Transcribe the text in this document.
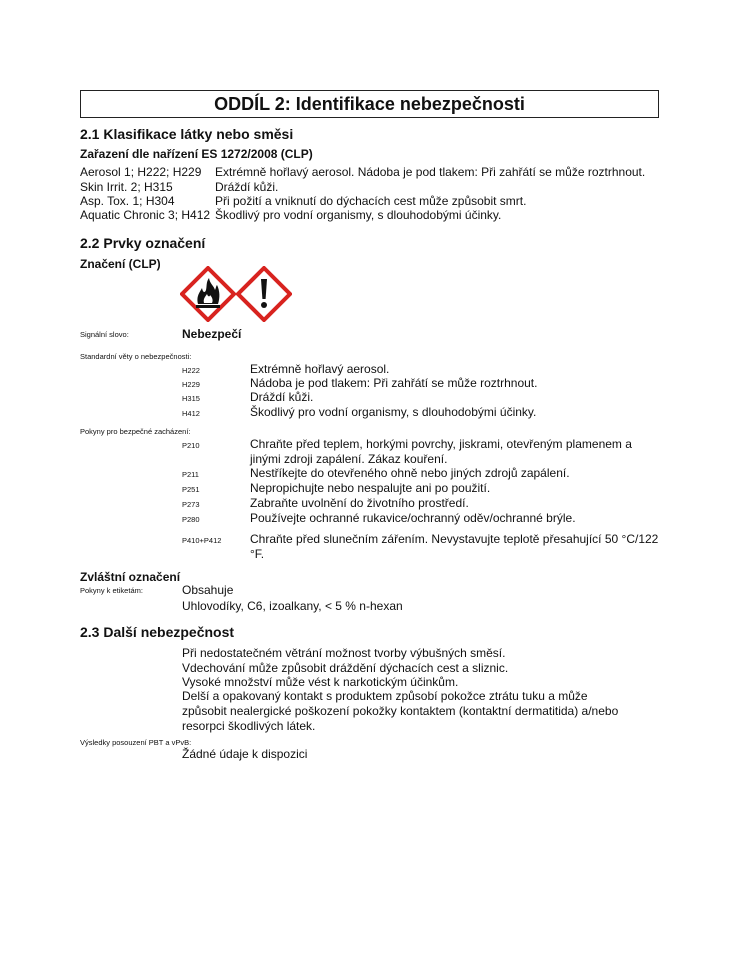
ODDÍL 2: Identifikace nebezpečnosti
2.1 Klasifikace látky nebo směsi
Zařazení dle nařízení ES 1272/2008 (CLP)
Aerosol 1; H222; H229 Extrémně hořlavý aerosol. Nádoba je pod tlakem: Při zahřátí se může roztrhnout.
Skin Irrit. 2; H315	Dráždí kůži.
Asp. Tox. 1; H304	Při požití a vniknutí do dýchacích cest může způsobit smrt.
Aquatic Chronic 3; H412 Škodlivý pro vodní organismy, s dlouhodobými účinky.
2.2 Prvky označení
Značení (CLP)
Signální slovo:	Nebezpečí
Standardní věty o nebezpečnosti:
H222	Extrémně hořlavý aerosol.
H229	Nádoba je pod tlakem: Při zahřátí se může roztrhnout.
H315	Dráždí kůži.
H412	Škodlivý pro vodní organismy, s dlouhodobými účinky.
Pokyny pro bezpečné zacházení:
P210	Chraňte před teplem, horkými povrchy, jiskrami, otevřeným plamenem a jinými zdroji zapálení. Zákaz kouření.
P211	Nestříkejte do otevřeného ohně nebo jiných zdrojů zapálení.
P251	Nepropichujte nebo nespalujte ani po použití.
P273	Zabraňte uvolnění do životního prostředí.
P280	Používejte ochranné rukavice/ochranný oděv/ochranné brýle.
P410+P412 Chraňte před slunečním zářením. Nevystavujte teplotě přesahující 50 °C/122 °F.
Zvláštní označení
Pokyny k etiketám:	Obsahuje
Uhlovodíky, C6, izoalkany, < 5 % n-hexan
2.3 Další nebezpečnost
Při nedostatečném větrání možnost tvorby výbušných směsí.
Vdechování může způsobit dráždění dýchacích cest a sliznic.
Vysoké množství může vést k narkotickým účinkům.
Delší a opakovaný kontakt s produktem způsobí pokožce ztrátu tuku a může způsobit nealergické poškození pokožky kontaktem (kontaktní dermatitida) a/nebo resorpci škodlivých látek.
Výsledky posouzení PBT a vPvB:
Žádné údaje k dispozici
